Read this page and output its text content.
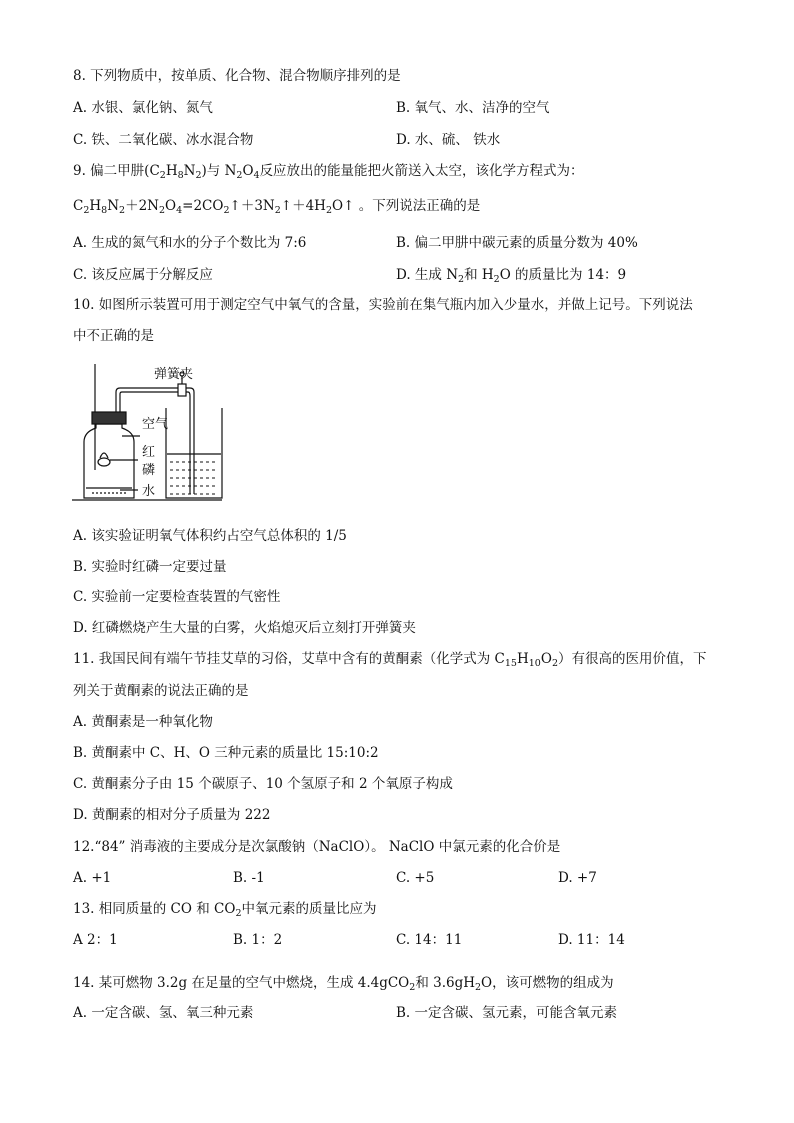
8. 下列物质中，按单质、化合物、混合物顺序排列的是
A. 水银、氯化钠、氮气	B. 氧气、水、洁净的空气
C. 铁、二氧化碳、冰水混合物	D. 水、硫、 铁水
9. 偏二甲肼$(C_2H_8N_2)$与 $N_2O_4$反应放出的能量能把火箭送入太空，该化学方程式为：
$C_2H_8N_2+2N_2O_4=2CO_2↑+3N_2↑+4H_2O↑$ 。下列说法正确的是
A. 生成的氮气和水的分子个数比为 7:6	B. 偏二甲肼中碳元素的质量分数为 40%
C. 该反应属于分解反应	D. 生成 $N_2$和 $H_2O$ 的质量比为 14：9
10. 如图所示装置可用于测定空气中氧气的含量，实验前在集气瓶内加入少量水，并做上记号。下列说法
中不正确的是
弹簧夹
空气
红
磷
水
A. 该实验证明氧气体积约占空气总体积的 1/5
B. 实验时红磷一定要过量
C. 实验前一定要检查装置的气密性
D. 红磷燃烧产生大量的白雾，火焰熄灭后立刻打开弹簧夹
11. 我国民间有端午节挂艾草的习俗，艾草中含有的黄酮素（化学式为 $C_{15}H_{10}O_2$）有很高的医用价值，下
列关于黄酮素的说法正确的是
A. 黄酮素是一种氧化物
B. 黄酮素中 C、H、O 三种元素的质量比 15:10:2
C. 黄酮素分子由 15 个碳原子、10 个氢原子和 2 个氧原子构成
D. 黄酮素的相对分子质量为 222
12.“84” 消毒液的主要成分是次氯酸钠（NaClO）。 NaClO 中氯元素的化合价是
A. +1	B. -1	C. +5	D. +7
13. 相同质量的 CO 和 $CO_2$中氧元素的质量比应为
A 2：1	B. 1：2	C. 14：11	D. 11：14
14. 某可燃物 3.2g 在足量的空气中燃烧，生成 4.4gCO$_2$和 $3.6gH_2O$，该可燃物的组成为
A. 一定含碳、氢、氧三种元素	B. 一定含碳、氢元素，可能含氧元素
